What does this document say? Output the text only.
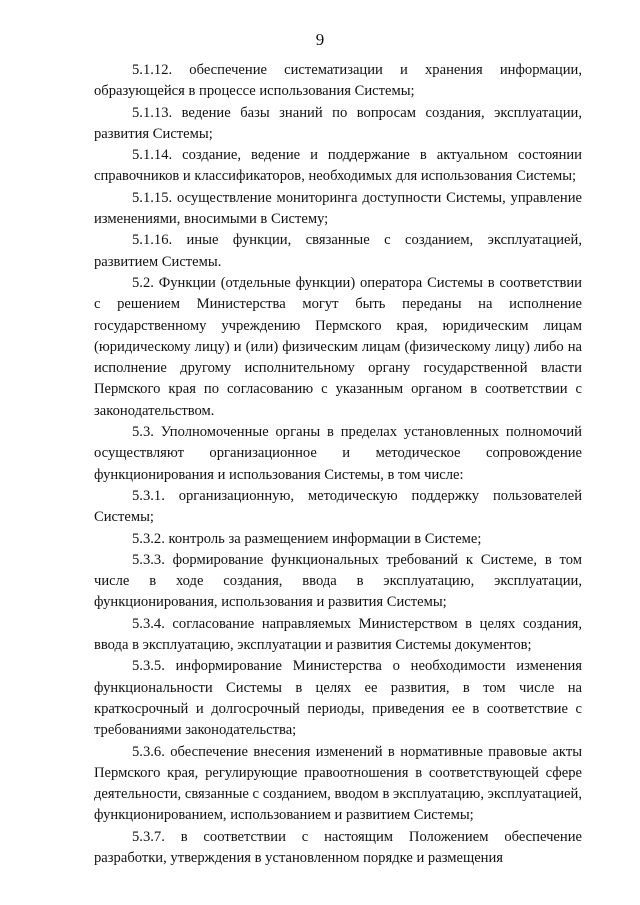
9

5.1.12. обеспечение систематизации и хранения информации, образующейся в процессе использования Системы;

5.1.13. ведение базы знаний по вопросам создания, эксплуатации, развития Системы;

5.1.14. создание, ведение и поддержание в актуальном состоянии справочников и классификаторов, необходимых для использования Системы;

5.1.15. осуществление мониторинга доступности Системы, управление изменениями, вносимыми в Систему;

5.1.16. иные функции, связанные с созданием, эксплуатацией, развитием Системы.

5.2. Функции (отдельные функции) оператора Системы в соответствии с решением Министерства могут быть переданы на исполнение государственному учреждению Пермского края, юридическим лицам (юридическому лицу) и (или) физическим лицам (физическому лицу) либо на исполнение другому исполнительному органу государственной власти Пермского края по согласованию с указанным органом в соответствии с законодательством.

5.3. Уполномоченные органы в пределах установленных полномочий осуществляют организационное и методическое сопровождение функционирования и использования Системы, в том числе:

5.3.1. организационную, методическую поддержку пользователей Системы;

5.3.2. контроль за размещением информации в Системе;

5.3.3. формирование функциональных требований к Системе, в том числе в ходе создания, ввода в эксплуатацию, эксплуатации, функционирования, использования и развития Системы;

5.3.4. согласование направляемых Министерством в целях создания, ввода в эксплуатацию, эксплуатации и развития Системы документов;

5.3.5. информирование Министерства о необходимости изменения функциональности Системы в целях ее развития, в том числе на краткосрочный и долгосрочный периоды, приведения ее в соответствие с требованиями законодательства;

5.3.6. обеспечение внесения изменений в нормативные правовые акты Пермского края, регулирующие правоотношения в соответствующей сфере деятельности, связанные с созданием, вводом в эксплуатацию, эксплуатацией, функционированием, использованием и развитием Системы;

5.3.7. в соответствии с настоящим Положением обеспечение разработки, утверждения в установленном порядке и размещения
